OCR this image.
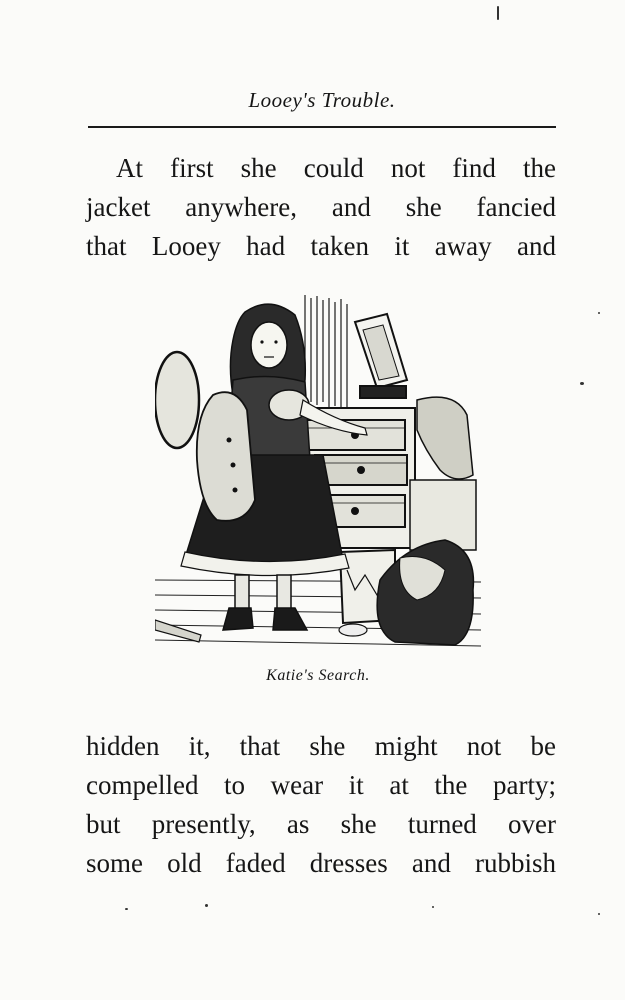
Looey's Trouble.
At first she could not find the
jacket anywhere, and she fancied
that Looey had taken it away and
Katie's Search.
hidden it, that she might not be
compelled to wear it at the party;
but presently, as she turned over
some old faded dresses and rubbish
